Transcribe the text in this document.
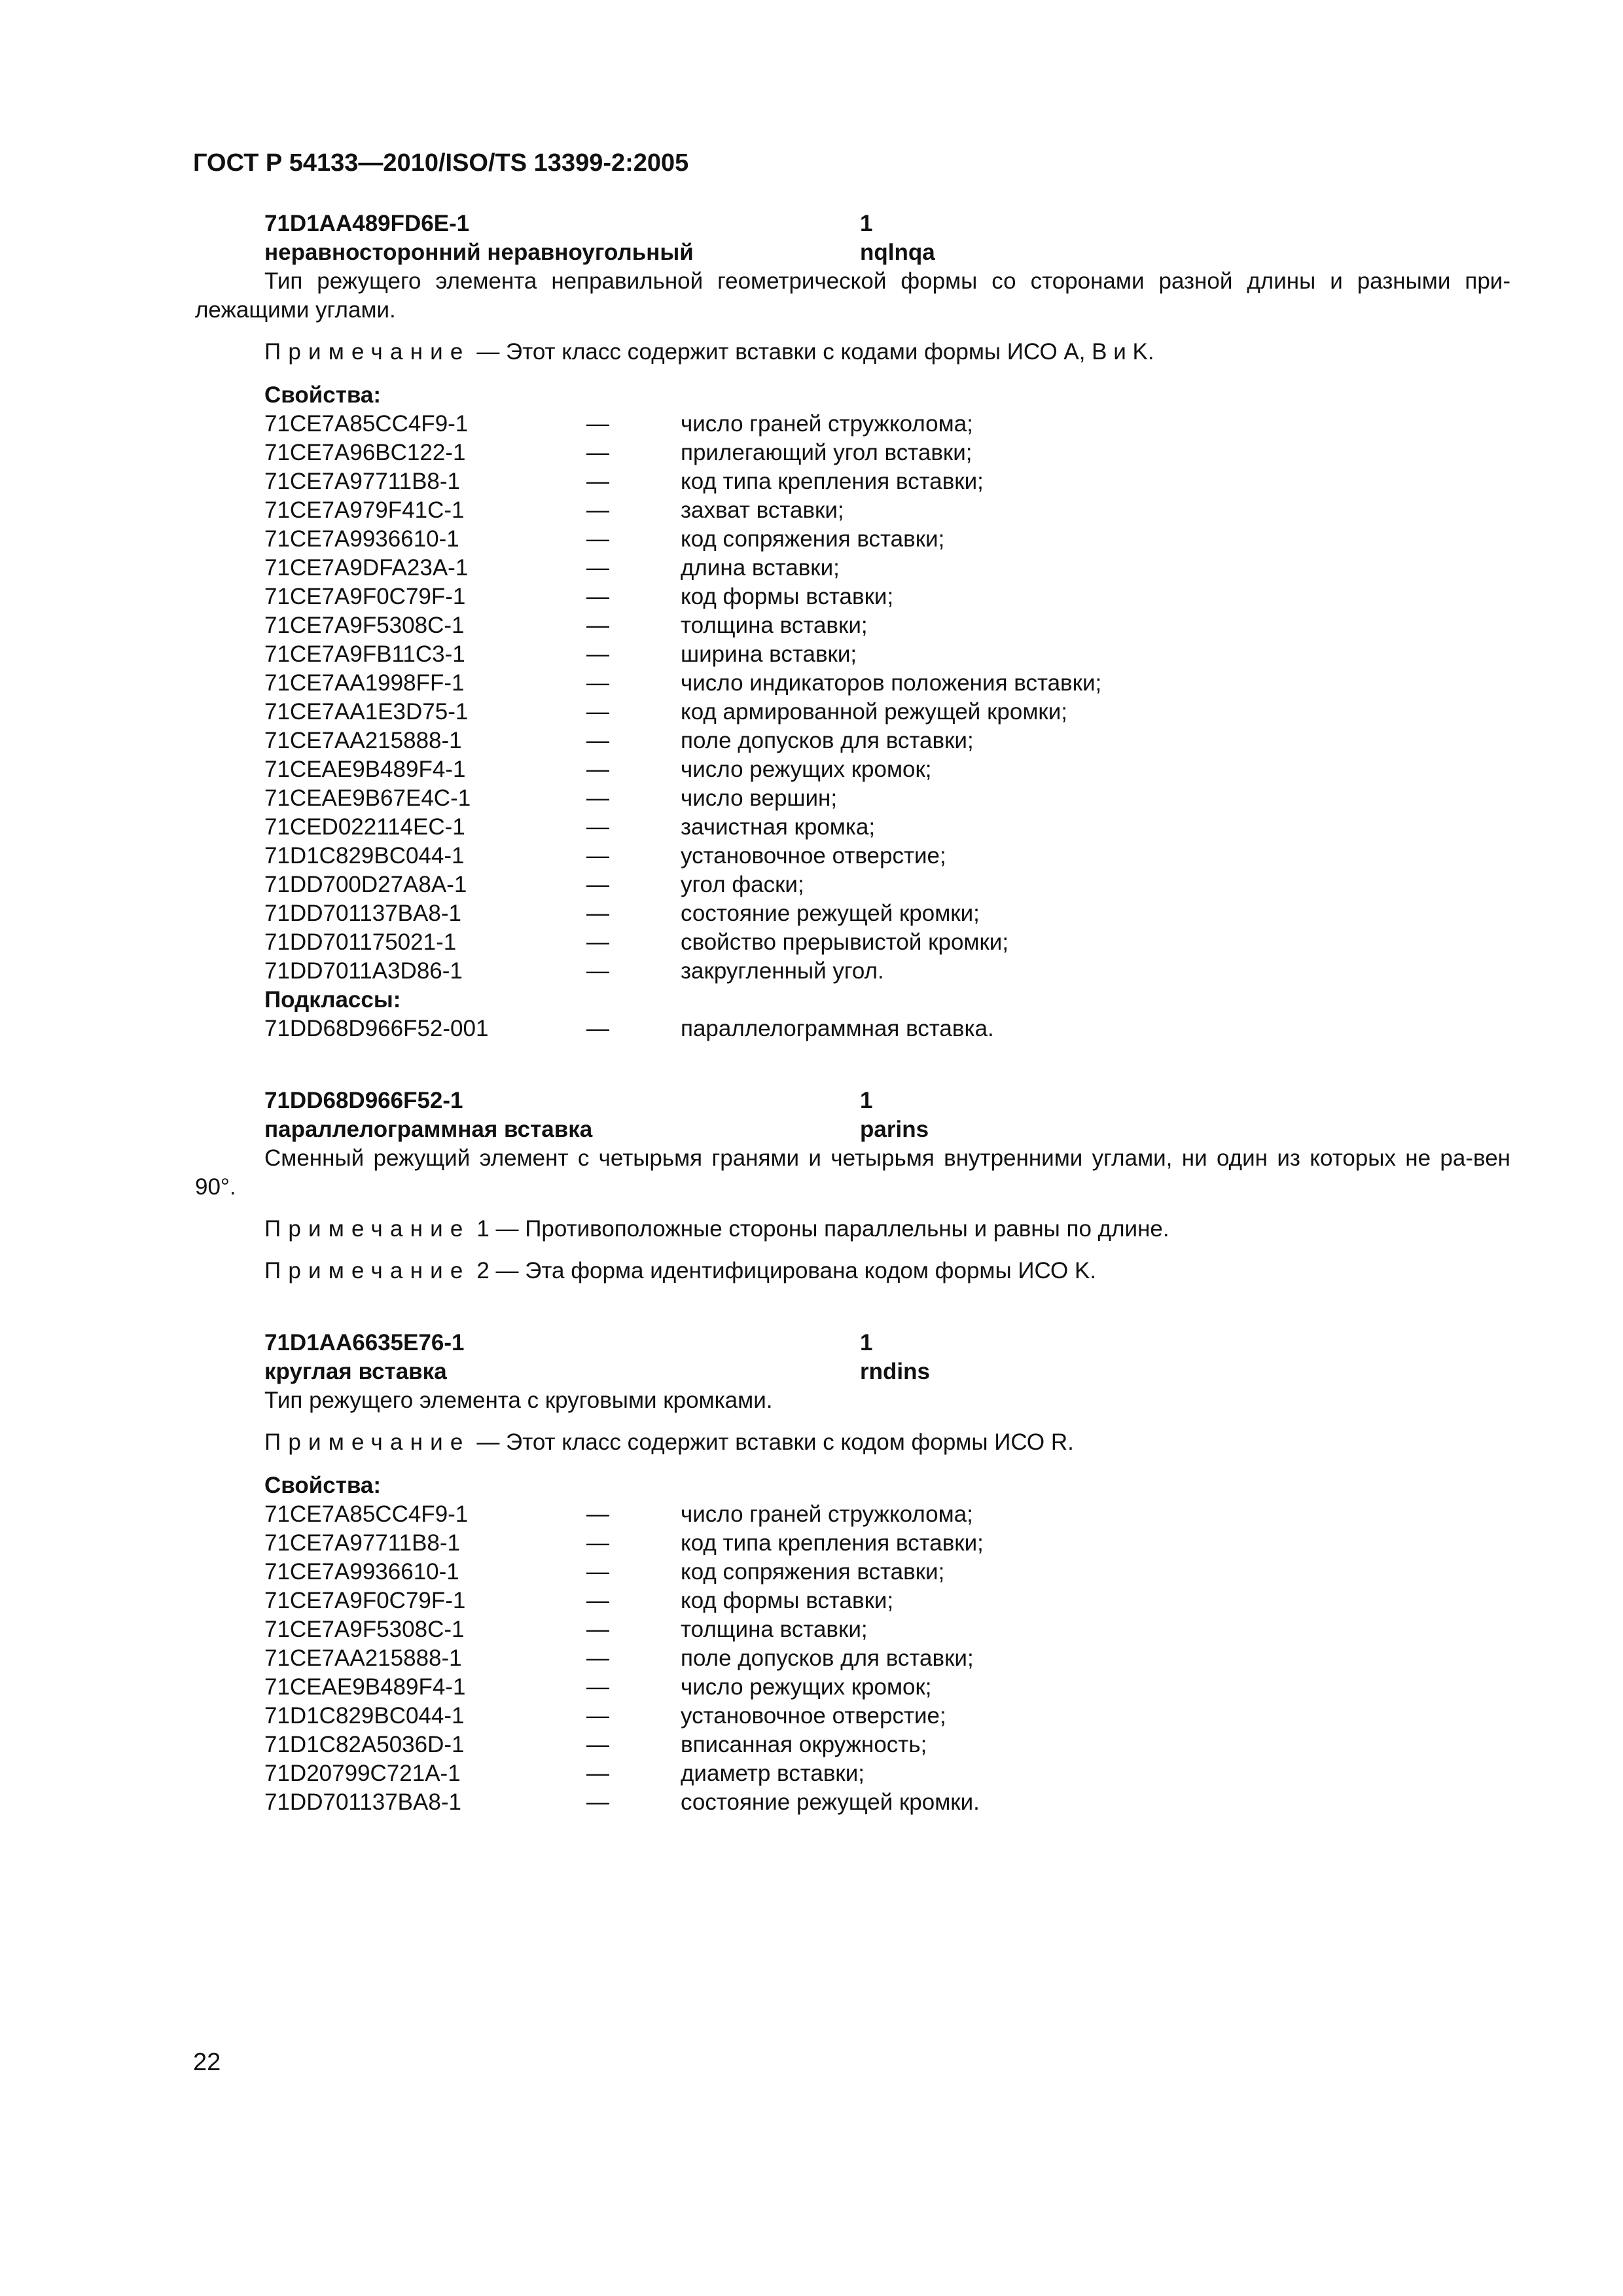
ГОСТ Р 54133—2010/ISO/TS 13399-2:2005
71D1AA489FD6E-1	1
неравносторонний неравноугольный	nqlnqa
Тип режущего элемента неправильной геометрической формы со сторонами разной длины и разными при-лежащими углами.
Примечание — Этот класс содержит вставки с кодами формы ИСО A, B и K.
Свойства:
71CE7A85CC4F9-1	—	число граней стружколома;
71CE7A96BC122-1	—	прилегающий угол вставки;
71CE7A97711B8-1	—	код типа крепления вставки;
71CE7A979F41C-1	—	захват вставки;
71CE7A9936610-1	—	код сопряжения вставки;
71CE7A9DFA23A-1	—	длина вставки;
71CE7A9F0C79F-1	—	код формы вставки;
71CE7A9F5308C-1	—	толщина вставки;
71CE7A9FB11C3-1	—	ширина вставки;
71CE7AA1998FF-1	—	число индикаторов положения вставки;
71CE7AA1E3D75-1	—	код армированной режущей кромки;
71CE7AA215888-1	—	поле допусков для вставки;
71CEAE9B489F4-1	—	число режущих кромок;
71CEAE9B67E4C-1	—	число вершин;
71CED022114EC-1	—	зачистная кромка;
71D1C829BC044-1	—	установочное отверстие;
71DD700D27A8A-1	—	угол фаски;
71DD701137BA8-1	—	состояние режущей кромки;
71DD701175021-1	—	свойство прерывистой кромки;
71DD7011A3D86-1	—	закругленный угол.
Подклассы:
71DD68D966F52-001	—	параллелограммная вставка.
71DD68D966F52-1	1
параллелограммная вставка	parins
Сменный режущий элемент с четырьмя гранями и четырьмя внутренними углами, ни один из которых не ра-вен 90°.
Примечание 1 — Противоположные стороны параллельны и равны по длине.
Примечание 2 — Эта форма идентифицирована кодом формы ИСО K.
71D1AA6635E76-1	1
круглая вставка	rndins
Тип режущего элемента с круговыми кромками.
Примечание — Этот класс содержит вставки с кодом формы ИСО R.
Свойства:
71CE7A85CC4F9-1	—	число граней стружколома;
71CE7A97711B8-1	—	код типа крепления вставки;
71CE7A9936610-1	—	код сопряжения вставки;
71CE7A9F0C79F-1	—	код формы вставки;
71CE7A9F5308C-1	—	толщина вставки;
71CE7AA215888-1	—	поле допусков для вставки;
71CEAE9B489F4-1	—	число режущих кромок;
71D1C829BC044-1	—	установочное отверстие;
71D1C82A5036D-1	—	вписанная окружность;
71D20799C721A-1	—	диаметр вставки;
71DD701137BA8-1	—	состояние режущей кромки.
22
